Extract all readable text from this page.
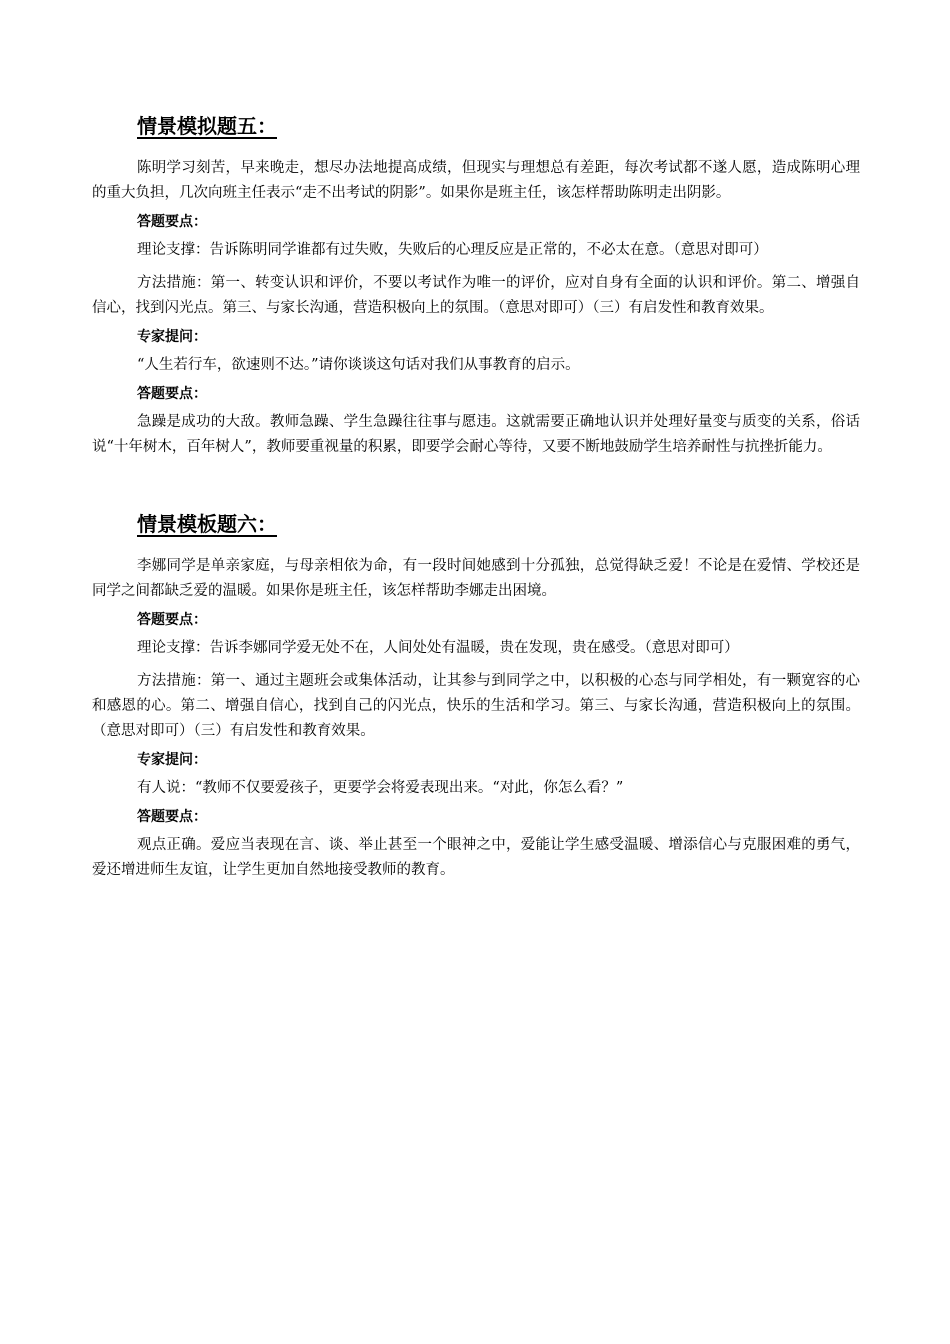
情景模拟题五：

陈明学习刻苦，早来晚走，想尽办法地提高成绩，但现实与理想总有差距，每次考试都不遂人愿，造成陈明心理的重大负担，几次向班主任表示“走不出考试的阴影”。如果你是班主任，该怎样帮助陈明走出阴影。

答题要点：

理论支撑：告诉陈明同学谁都有过失败，失败后的心理反应是正常的，不必太在意。（意思对即可）

方法措施：第一、转变认识和评价，不要以考试作为唯一的评价，应对自身有全面的认识和评价。第二、增强自信心，找到闪光点。第三、与家长沟通，营造积极向上的氛围。（意思对即可）（三）有启发性和教育效果。

专家提问：

“人生若行车，欲速则不达。”请你谈谈这句话对我们从事教育的启示。

答题要点：

急躁是成功的大敌。教师急躁、学生急躁往往事与愿违。这就需要正确地认识并处理好量变与质变的关系，俗话说“十年树木，百年树人”，教师要重视量的积累，即要学会耐心等待，又要不断地鼓励学生培养耐性与抗挫折能力。

情景模板题六：

李娜同学是单亲家庭，与母亲相依为命，有一段时间她感到十分孤独，总觉得缺乏爱！不论是在爱情、学校还是同学之间都缺乏爱的温暖。如果你是班主任，该怎样帮助李娜走出困境。

答题要点：

理论支撑：告诉李娜同学爱无处不在，人间处处有温暖，贵在发现，贵在感受。（意思对即可）

方法措施：第一、通过主题班会或集体活动，让其参与到同学之中，以积极的心态与同学相处，有一颗宽容的心和感恩的心。第二、增强自信心，找到自己的闪光点，快乐的生活和学习。第三、与家长沟通，营造积极向上的氛围。（意思对即可）（三）有启发性和教育效果。

专家提问：

有人说：“教师不仅要爱孩子，更要学会将爱表现出来。“对此，你怎么看？”

答题要点：

观点正确。爱应当表现在言、谈、举止甚至一个眼神之中，爱能让学生感受温暖、增添信心与克服困难的勇气，爱还增进师生友谊，让学生更加自然地接受教师的教育。
